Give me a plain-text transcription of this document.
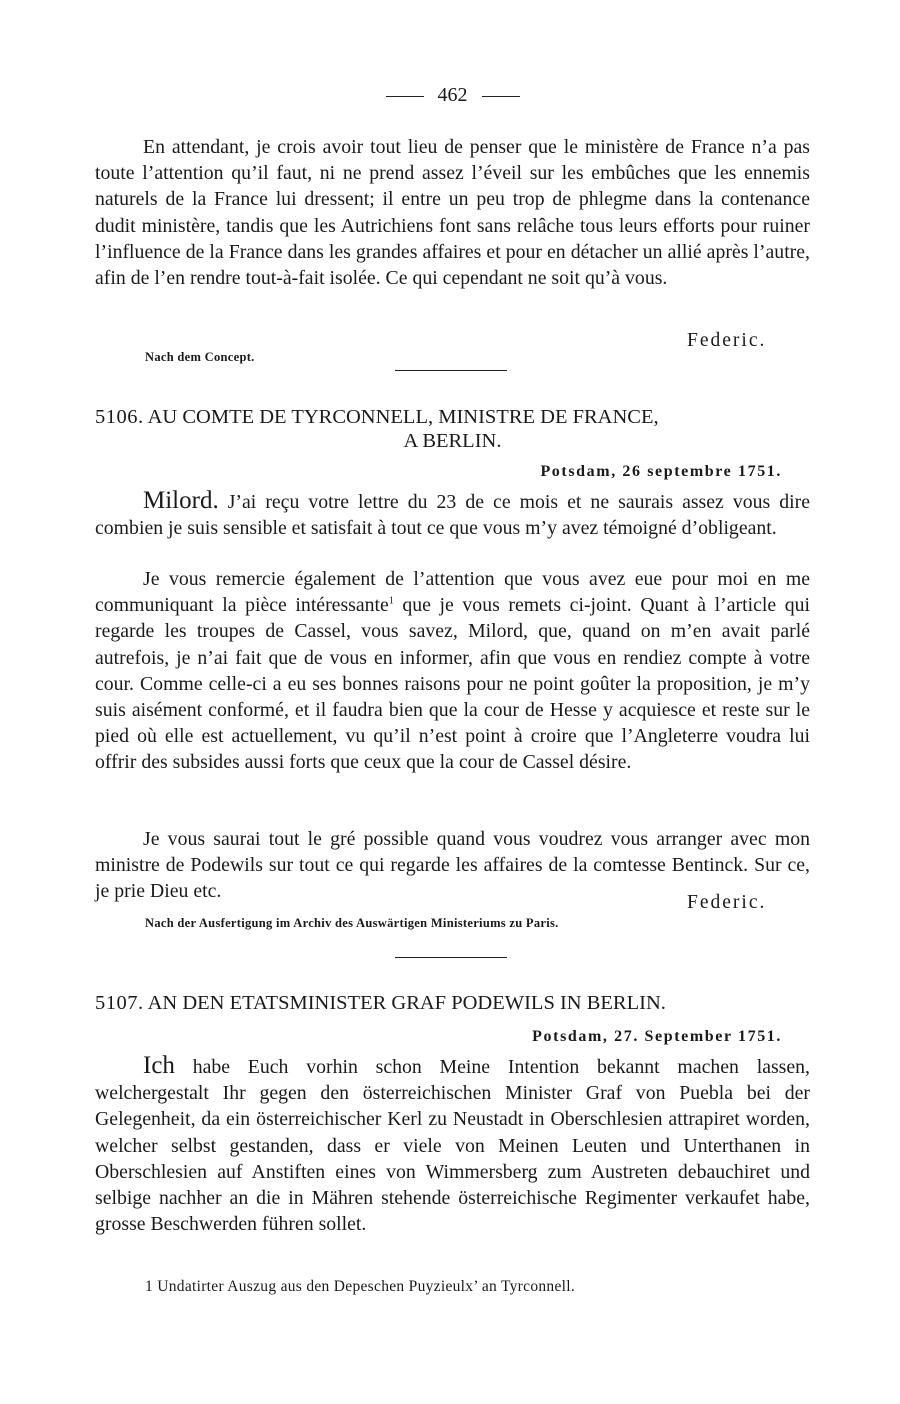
462
En attendant, je crois avoir tout lieu de penser que le ministère de France n’a pas toute l’attention qu’il faut, ni ne prend assez l’éveil sur les embûches que les ennemis naturels de la France lui dressent; il entre un peu trop de phlegme dans la contenance dudit ministère, tandis que les Autrichiens font sans relâche tous leurs efforts pour ruiner l’influence de la France dans les grandes affaires et pour en détacher un allié après l’autre, afin de l’en rendre tout-à-fait isolée. Ce qui cependant ne soit qu’à vous.
Federic.
Nach dem Concept.
5106. AU COMTE DE TYRCONNELL, MINISTRE DE FRANCE,
A BERLIN.
Potsdam, 26 septembre 1751.
Milord. J’ai reçu votre lettre du 23 de ce mois et ne saurais assez vous dire combien je suis sensible et satisfait à tout ce que vous m’y avez témoigné d’obligeant.
Je vous remercie également de l’attention que vous avez eue pour moi en me communiquant la pièce intéressante$^1$ que je vous remets ci-joint. Quant à l’article qui regarde les troupes de Cassel, vous savez, Milord, que, quand on m’en avait parlé autrefois, je n’ai fait que de vous en informer, afin que vous en rendiez compte à votre cour. Comme celle-ci a eu ses bonnes raisons pour ne point goûter la proposition, je m’y suis aisément conformé, et il faudra bien que la cour de Hesse y acquiesce et reste sur le pied où elle est actuellement, vu qu’il n’est point à croire que l’Angleterre voudra lui offrir des subsides aussi forts que ceux que la cour de Cassel désire.
Je vous saurai tout le gré possible quand vous voudrez vous arranger avec mon ministre de Podewils sur tout ce qui regarde les affaires de la comtesse Bentinck. Sur ce, je prie Dieu etc.
Federic.
Nach der Ausfertigung im Archiv des Auswärtigen Ministeriums zu Paris.
5107. AN DEN ETATSMINISTER GRAF PODEWILS IN BERLIN.
Potsdam, 27. September 1751.
Ich habe Euch vorhin schon Meine Intention bekannt machen lassen, welchergestalt Ihr gegen den österreichischen Minister Graf von Puebla bei der Gelegenheit, da ein österreichischer Kerl zu Neustadt in Oberschlesien attrapiret worden, welcher selbst gestanden, dass er viele von Meinen Leuten und Unterthanen in Oberschlesien auf Anstiften eines von Wimmersberg zum Austreten debauchiret und selbige nachher an die in Mähren stehende österreichische Regimenter verkaufet habe, grosse Beschwerden führen sollet.
1 Undatirter Auszug aus den Depeschen Puyzieulx’ an Tyrconnell.
